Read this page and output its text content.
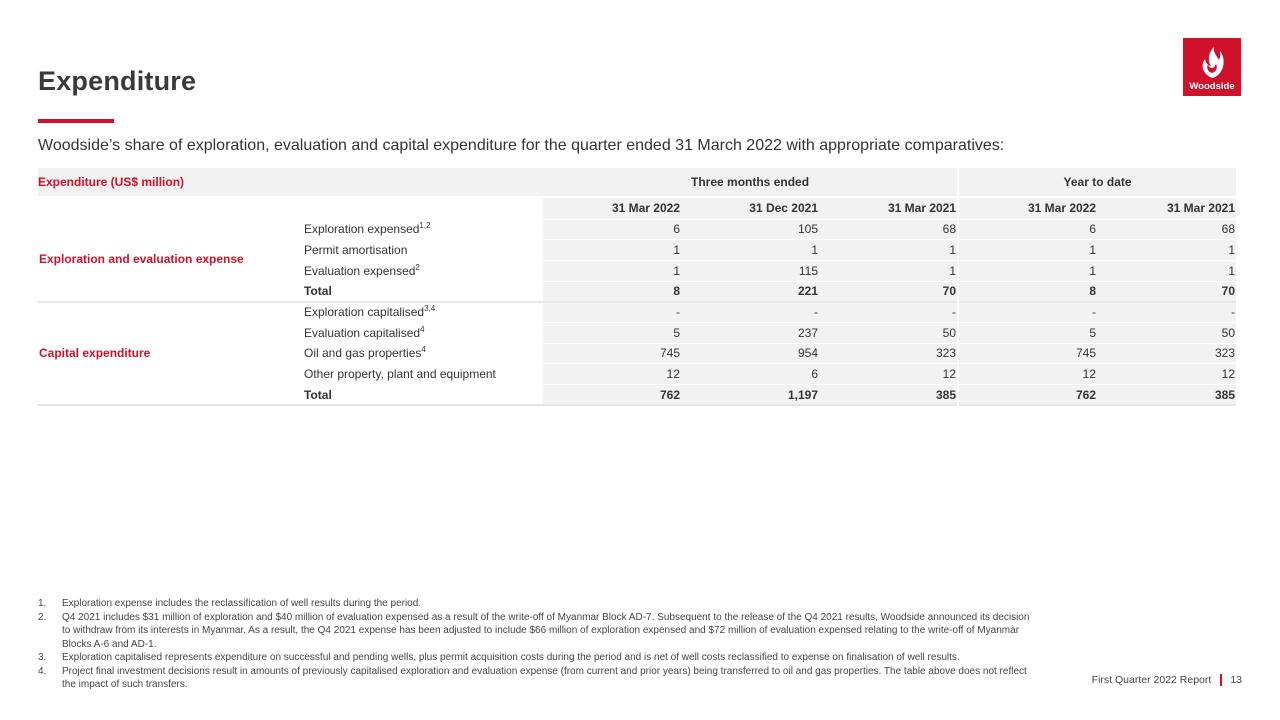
Expenditure
Woodside’s share of exploration, evaluation and capital expenditure for the quarter ended 31 March 2022 with appropriate comparatives:
Woodside
Expenditure (US$ million)		Three months ended				Year to date	
		31 Mar 2022	31 Dec 2021	31 Mar 2021		31 Mar 2022	31 Mar 2021
Exploration and evaluation expense	Exploration expensed$^{1,2}$	6	105	68		6	68
	Permit amortisation	1	1	1		1	1
	Evaluation expensed$^2$	1	115	1		1	1
	Total	8	221	70		8	70
Capital expenditure	Exploration capitalised$^{3,4}$	-	-	-		-	-
	Evaluation capitalised$^4$	5	237	50		5	50
	Oil and gas properties$^4$	745	954	323		745	323
	Other property, plant and equipment	12	6	12		12	12
	Total	762	1,197	385		762	385
1.	Exploration expense includes the reclassification of well results during the period.
2.	Q4 2021 includes $31 million of exploration and $40 million of evaluation expensed as a result of the write-off of Myanmar Block AD-7. Subsequent to the release of the Q4 2021 results, Woodside announced its decision to withdraw from its interests in Myanmar. As a result, the Q4 2021 expense has been adjusted to include $66 million of exploration expensed and $72 million of evaluation expensed relating to the write-off of Myanmar Blocks A-6 and AD-1.
3.	Exploration capitalised represents expenditure on successful and pending wells, plus permit acquisition costs during the period and is net of well costs reclassified to expense on finalisation of well results.
4.	Project final investment decisions result in amounts of previously capitalised exploration and evaluation expense (from current and prior years) being transferred to oil and gas properties. The table above does not reflect the impact of such transfers.	First Quarter 2022 Report 13
